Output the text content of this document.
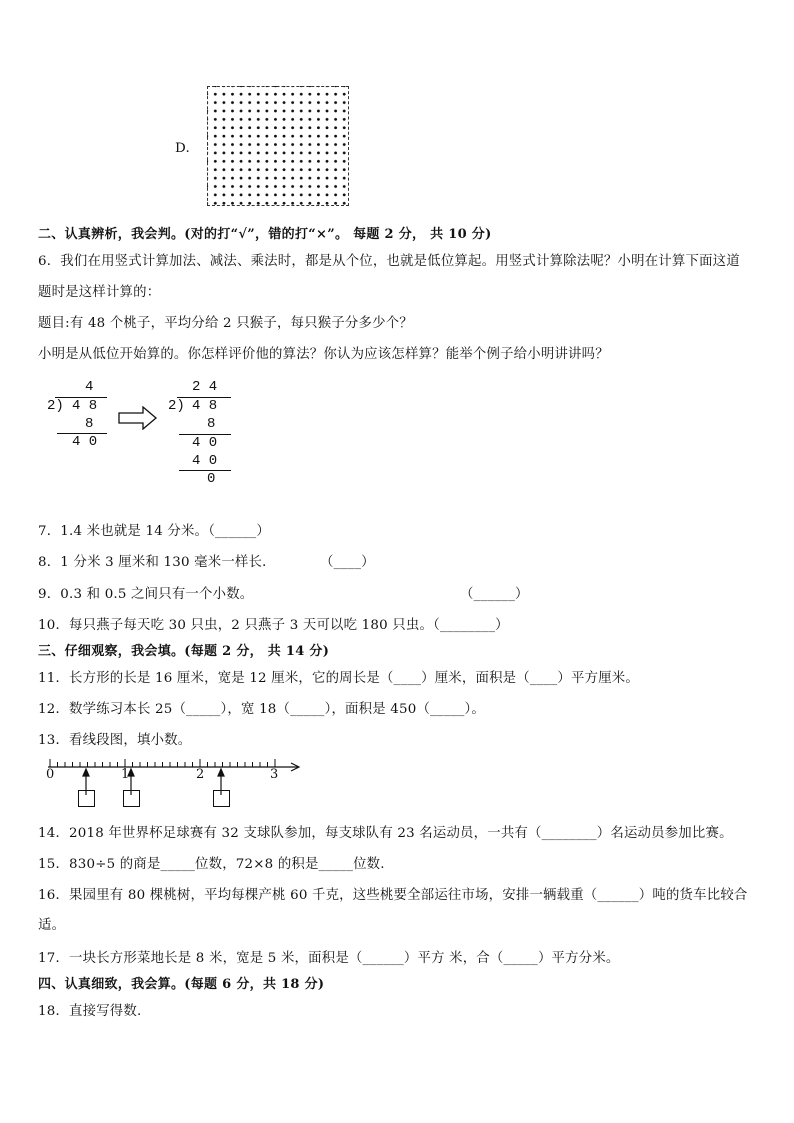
D.
二、认真辨析，我会判。(对的打“√”，错的打“×”。 每题 2 分， 共 10 分)
6．我们在用竖式计算加法、减法、乘法时，都是从个位，也就是低位算起。用竖式计算除法呢？小明在计算下面这道
题时是这样计算的：
题目:有 48 个桃子，平均分给 2 只猴子，每只猴子分多少个？
小明是从低位开始算的。你怎样评价他的算法？你认为应该怎样算？能举个例子给小明讲讲吗？
4
2) 4 8
8
4 0
2 4
2) 4 8
8
4 0
4 0
0
7．1.4 米也就是 14 分米。（______）
8．1 分米 3 厘米和 130 毫米一样长．	（____）
9．0.3 和 0.5 之间只有一个小数。	（______）
10．每只燕子每天吃 30 只虫，2 只燕子 3 天可以吃 180 只虫。（________）
三、仔细观察，我会填。(每题 2 分， 共 14 分)
11．长方形的长是 16 厘米，宽是 12 厘米，它的周长是（____）厘米，面积是（____）平方厘米。
12．数学练习本长 25（_____），宽 18（_____），面积是 450（_____）。
13．看线段图，填小数。
0	1	2	3
14．2018 年世界杯足球赛有 32 支球队参加，每支球队有 23 名运动员，一共有（________）名运动员参加比赛。
15．830÷5 的商是_____位数，72×8 的积是_____位数.
16．果园里有 80 棵桃树，平均每棵产桃 60 千克，这些桃要全部运往市场，安排一辆载重（______）吨的货车比较合
适。
17．一块长方形菜地长是 8 米，宽是 5 米，面积是（______）平方 米，合（_____）平方分米。
四、认真细致，我会算。(每题 6 分，共 18 分)
18．直接写得数.
